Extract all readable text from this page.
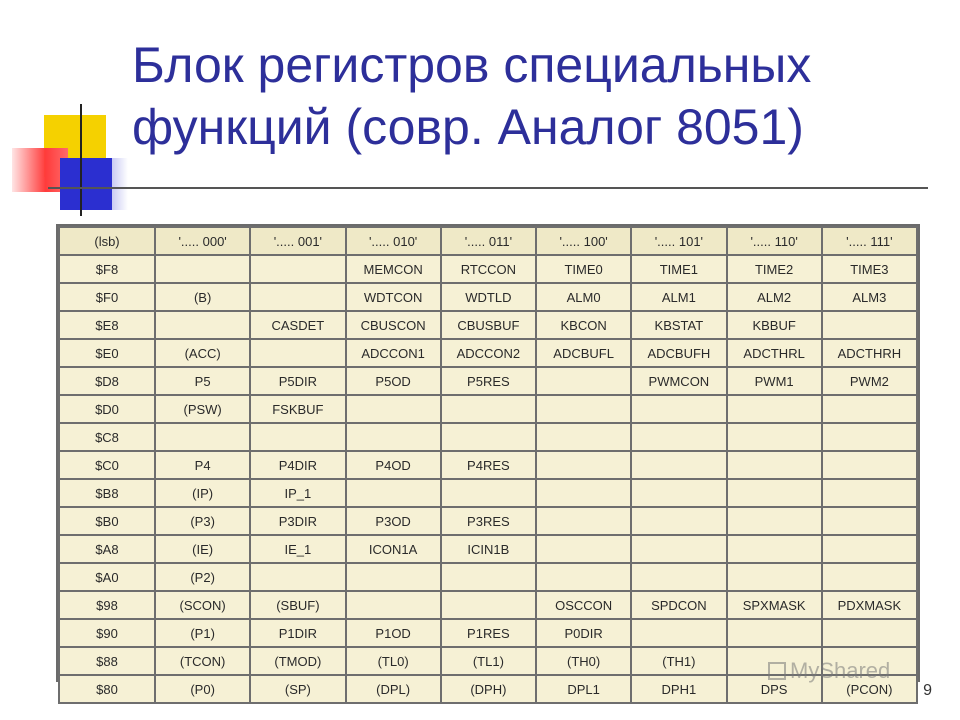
Блок регистров специальных функций (совр. Аналог 8051)
(lsb)	'..... 000'	'..... 001'	'..... 010'	'..... 011'	'..... 100'	'..... 101'	'..... 110'	'..... 111'
$F8			MEMCON	RTCCON	TIME0	TIME1	TIME2	TIME3
$F0	(B)		WDTCON	WDTLD	ALM0	ALM1	ALM2	ALM3
$E8		CASDET	CBUSCON	CBUSBUF	KBCON	KBSTAT	KBBUF	
$E0	(ACC)		ADCCON1	ADCCON2	ADCBUFL	ADCBUFH	ADCTHRL	ADCTHRH
$D8	P5	P5DIR	P5OD	P5RES		PWMCON	PWM1	PWM2
$D0	(PSW)	FSKBUF						
$C8								
$C0	P4	P4DIR	P4OD	P4RES				
$B8	(IP)	IP_1						
$B0	(P3)	P3DIR	P3OD	P3RES				
$A8	(IE)	IE_1	ICON1A	ICIN1B				
$A0	(P2)							
$98	(SCON)	(SBUF)			OSCCON	SPDCON	SPXMASK	PDXMASK
$90	(P1)	P1DIR	P1OD	P1RES	P0DIR			
$88	(TCON)	(TMOD)	(TL0)	(TL1)	(TH0)	(TH1)		
$80	(P0)	(SP)	(DPL)	(DPH)	DPL1	DPH1	DPS	(PCON)
MyShared
9
